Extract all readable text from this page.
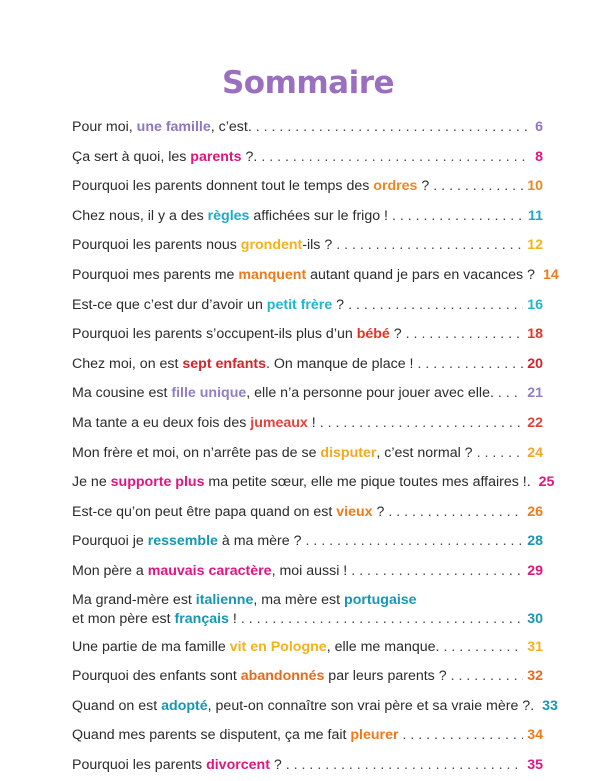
Sommaire
Pour moi, une famille, c’est. . . .	6
Ça sert à quoi, les parents ?. . . .	8
Pourquoi les parents donnent tout le temps des ordres ? . . .	10
Chez nous, il y a des règles affichées sur le frigo ! . . .	11
Pourquoi les parents nous grondent-ils ? . . .	12
Pourquoi mes parents me manquent autant quand je pars en vacances ? 14
Est-ce que c’est dur d’avoir un petit frère ? . . .	16
Pourquoi les parents s’occupent-ils plus d’un bébé ? . . .	18
Chez moi, on est sept enfants. On manque de place ! . . .	20
Ma cousine est fille unique, elle n’a personne pour jouer avec elle. . . . 21
Ma tante a eu deux fois des jumeaux ! . . .	22
Mon frère et moi, on n’arrête pas de se disputer, c’est normal ? . . .	24
Je ne supporte plus ma petite sœur, elle me pique toutes mes affaires !. 25
Est-ce qu’on peut être papa quand on est vieux ? . . .	26
Pourquoi je ressemble à ma mère ? . . .	28
Mon père a mauvais caractère, moi aussi ! . . .	29
Ma grand-mère est italienne, ma mère est portugaise
et mon père est français ! . . .	30
Une partie de ma famille vit en Pologne, elle me manque. . . .	31
Pourquoi des enfants sont abandonnés par leurs parents ? . . .	32
Quand on est adopté, peut-on connaître son vrai père et sa vraie mère ?. 33
Quand mes parents se disputent, ça me fait pleurer . . .	34
Pourquoi les parents divorcent ? . . .	35
